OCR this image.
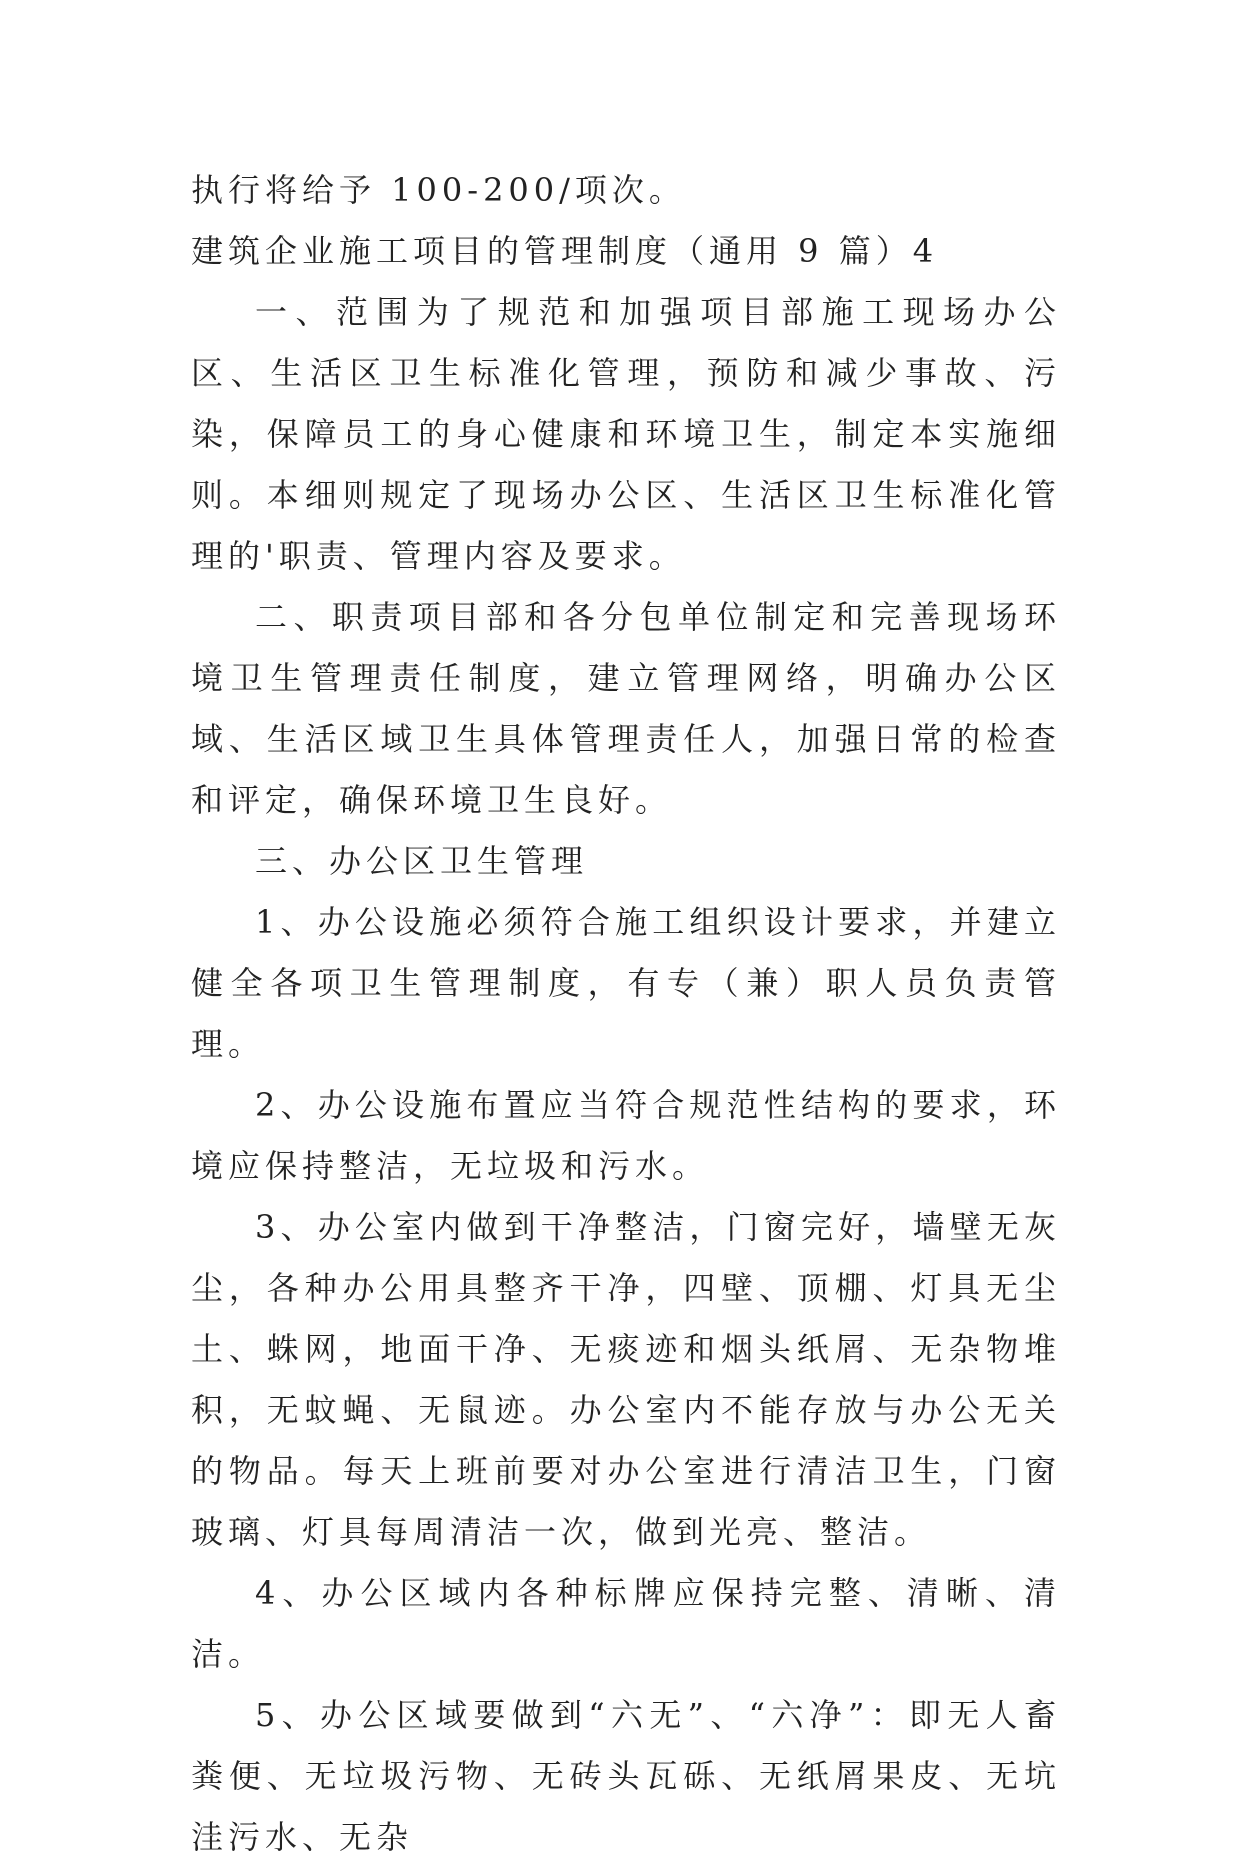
执行将给予 100-200/项次。

建筑企业施工项目的管理制度（通用 9 篇）4

一、范围为了规范和加强项目部施工现场办公区、生活区卫生标准化管理，预防和减少事故、污染，保障员工的身心健康和环境卫生，制定本实施细则。本细则规定了现场办公区、生活区卫生标准化管理的'职责、管理内容及要求。

二、职责项目部和各分包单位制定和完善现场环境卫生管理责任制度，建立管理网络，明确办公区域、生活区域卫生具体管理责任人，加强日常的检查和评定，确保环境卫生良好。

三、办公区卫生管理

1、办公设施必须符合施工组织设计要求，并建立健全各项卫生管理制度，有专（兼）职人员负责管理。

2、办公设施布置应当符合规范性结构的要求，环境应保持整洁，无垃圾和污水。

3、办公室内做到干净整洁，门窗完好，墙壁无灰尘，各种办公用具整齐干净，四壁、顶棚、灯具无尘土、蛛网，地面干净、无痰迹和烟头纸屑、无杂物堆积，无蚊蝇、无鼠迹。办公室内不能存放与办公无关的物品。每天上班前要对办公室进行清洁卫生，门窗玻璃、灯具每周清洁一次，做到光亮、整洁。

4、办公区域内各种标牌应保持完整、清晰、清洁。

5、办公区域要做到“六无”、“六净”：即无人畜粪便、无垃圾污物、无砖头瓦砾、无纸屑果皮、无坑洼污水、无杂
